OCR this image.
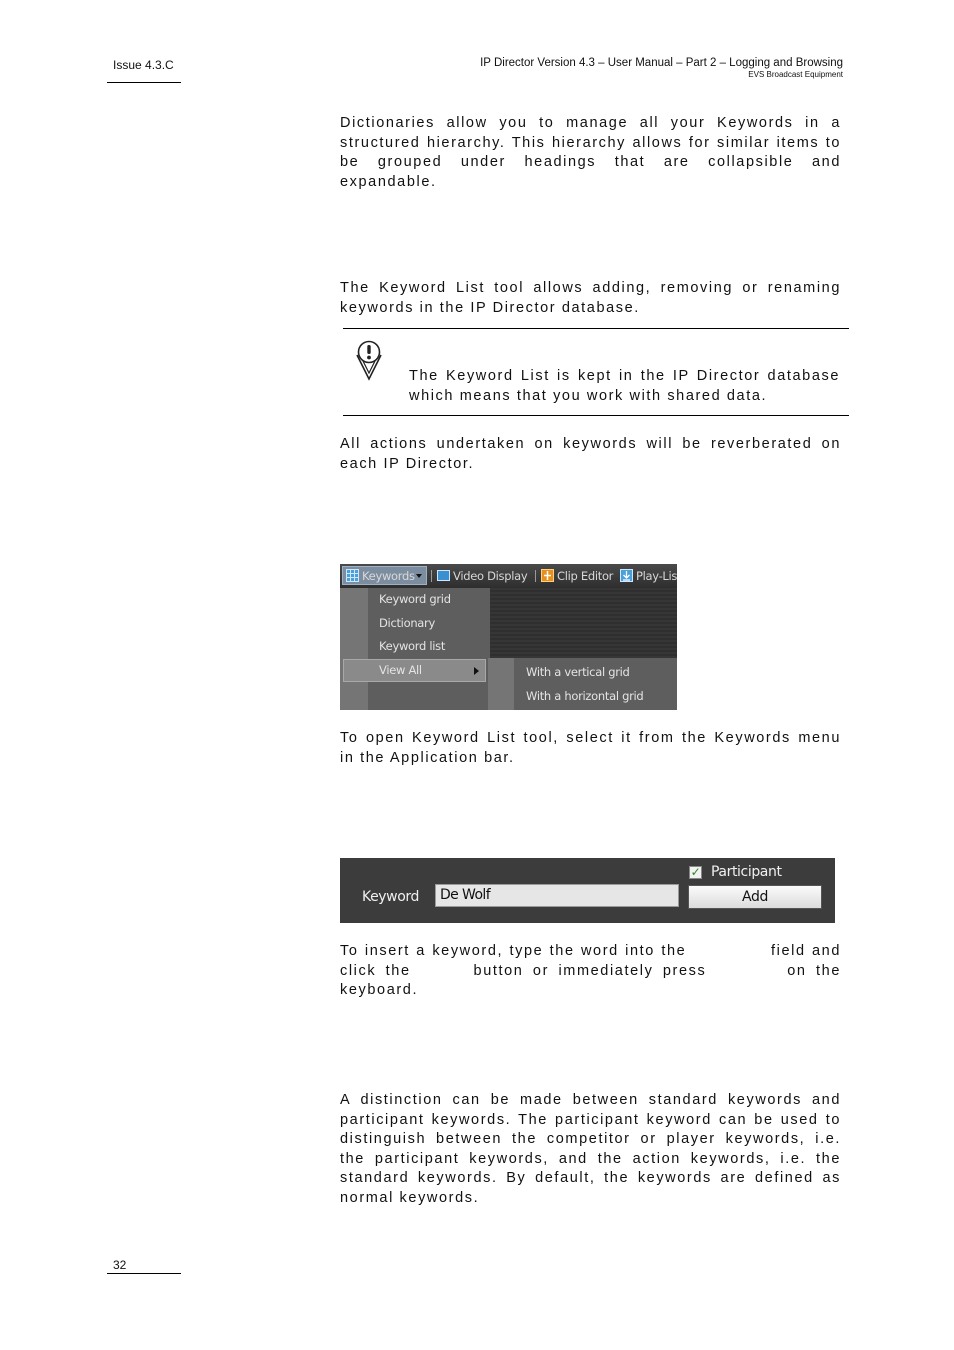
Issue 4.3.C	IP Director Version 4.3 – User Manual – Part 2 – Logging and Browsing
EVS Broadcast Equipment
Dictionaries allow you to manage all your Keywords in a structured hierarchy. This hierarchy allows for similar items to be grouped under headings that are collapsible and expandable.
The Keyword List tool allows adding, removing or renaming keywords in the IP Director database.
The Keyword List is kept in the IP Director database which means that you work with shared data.
All actions undertaken on keywords will be reverberated on each IP Director.
Keywords	Video Display	Clip Editor	Play-Lis
Keyword grid
Dictionary
Keyword list
View All	With a vertical grid
With a horizontal grid
To open Keyword List tool, select it from the Keywords menu in the Application bar.
✓ Participant
Keyword	De Wolf	Add
To insert a keyword, type the word into the	field and click the	button or immediately press	on the keyboard.
A distinction can be made between standard keywords and participant keywords. The participant keyword can be used to distinguish between the competitor or player keywords, i.e. the participant keywords, and the action keywords, i.e. the standard keywords. By default, the keywords are defined as normal keywords.
32
